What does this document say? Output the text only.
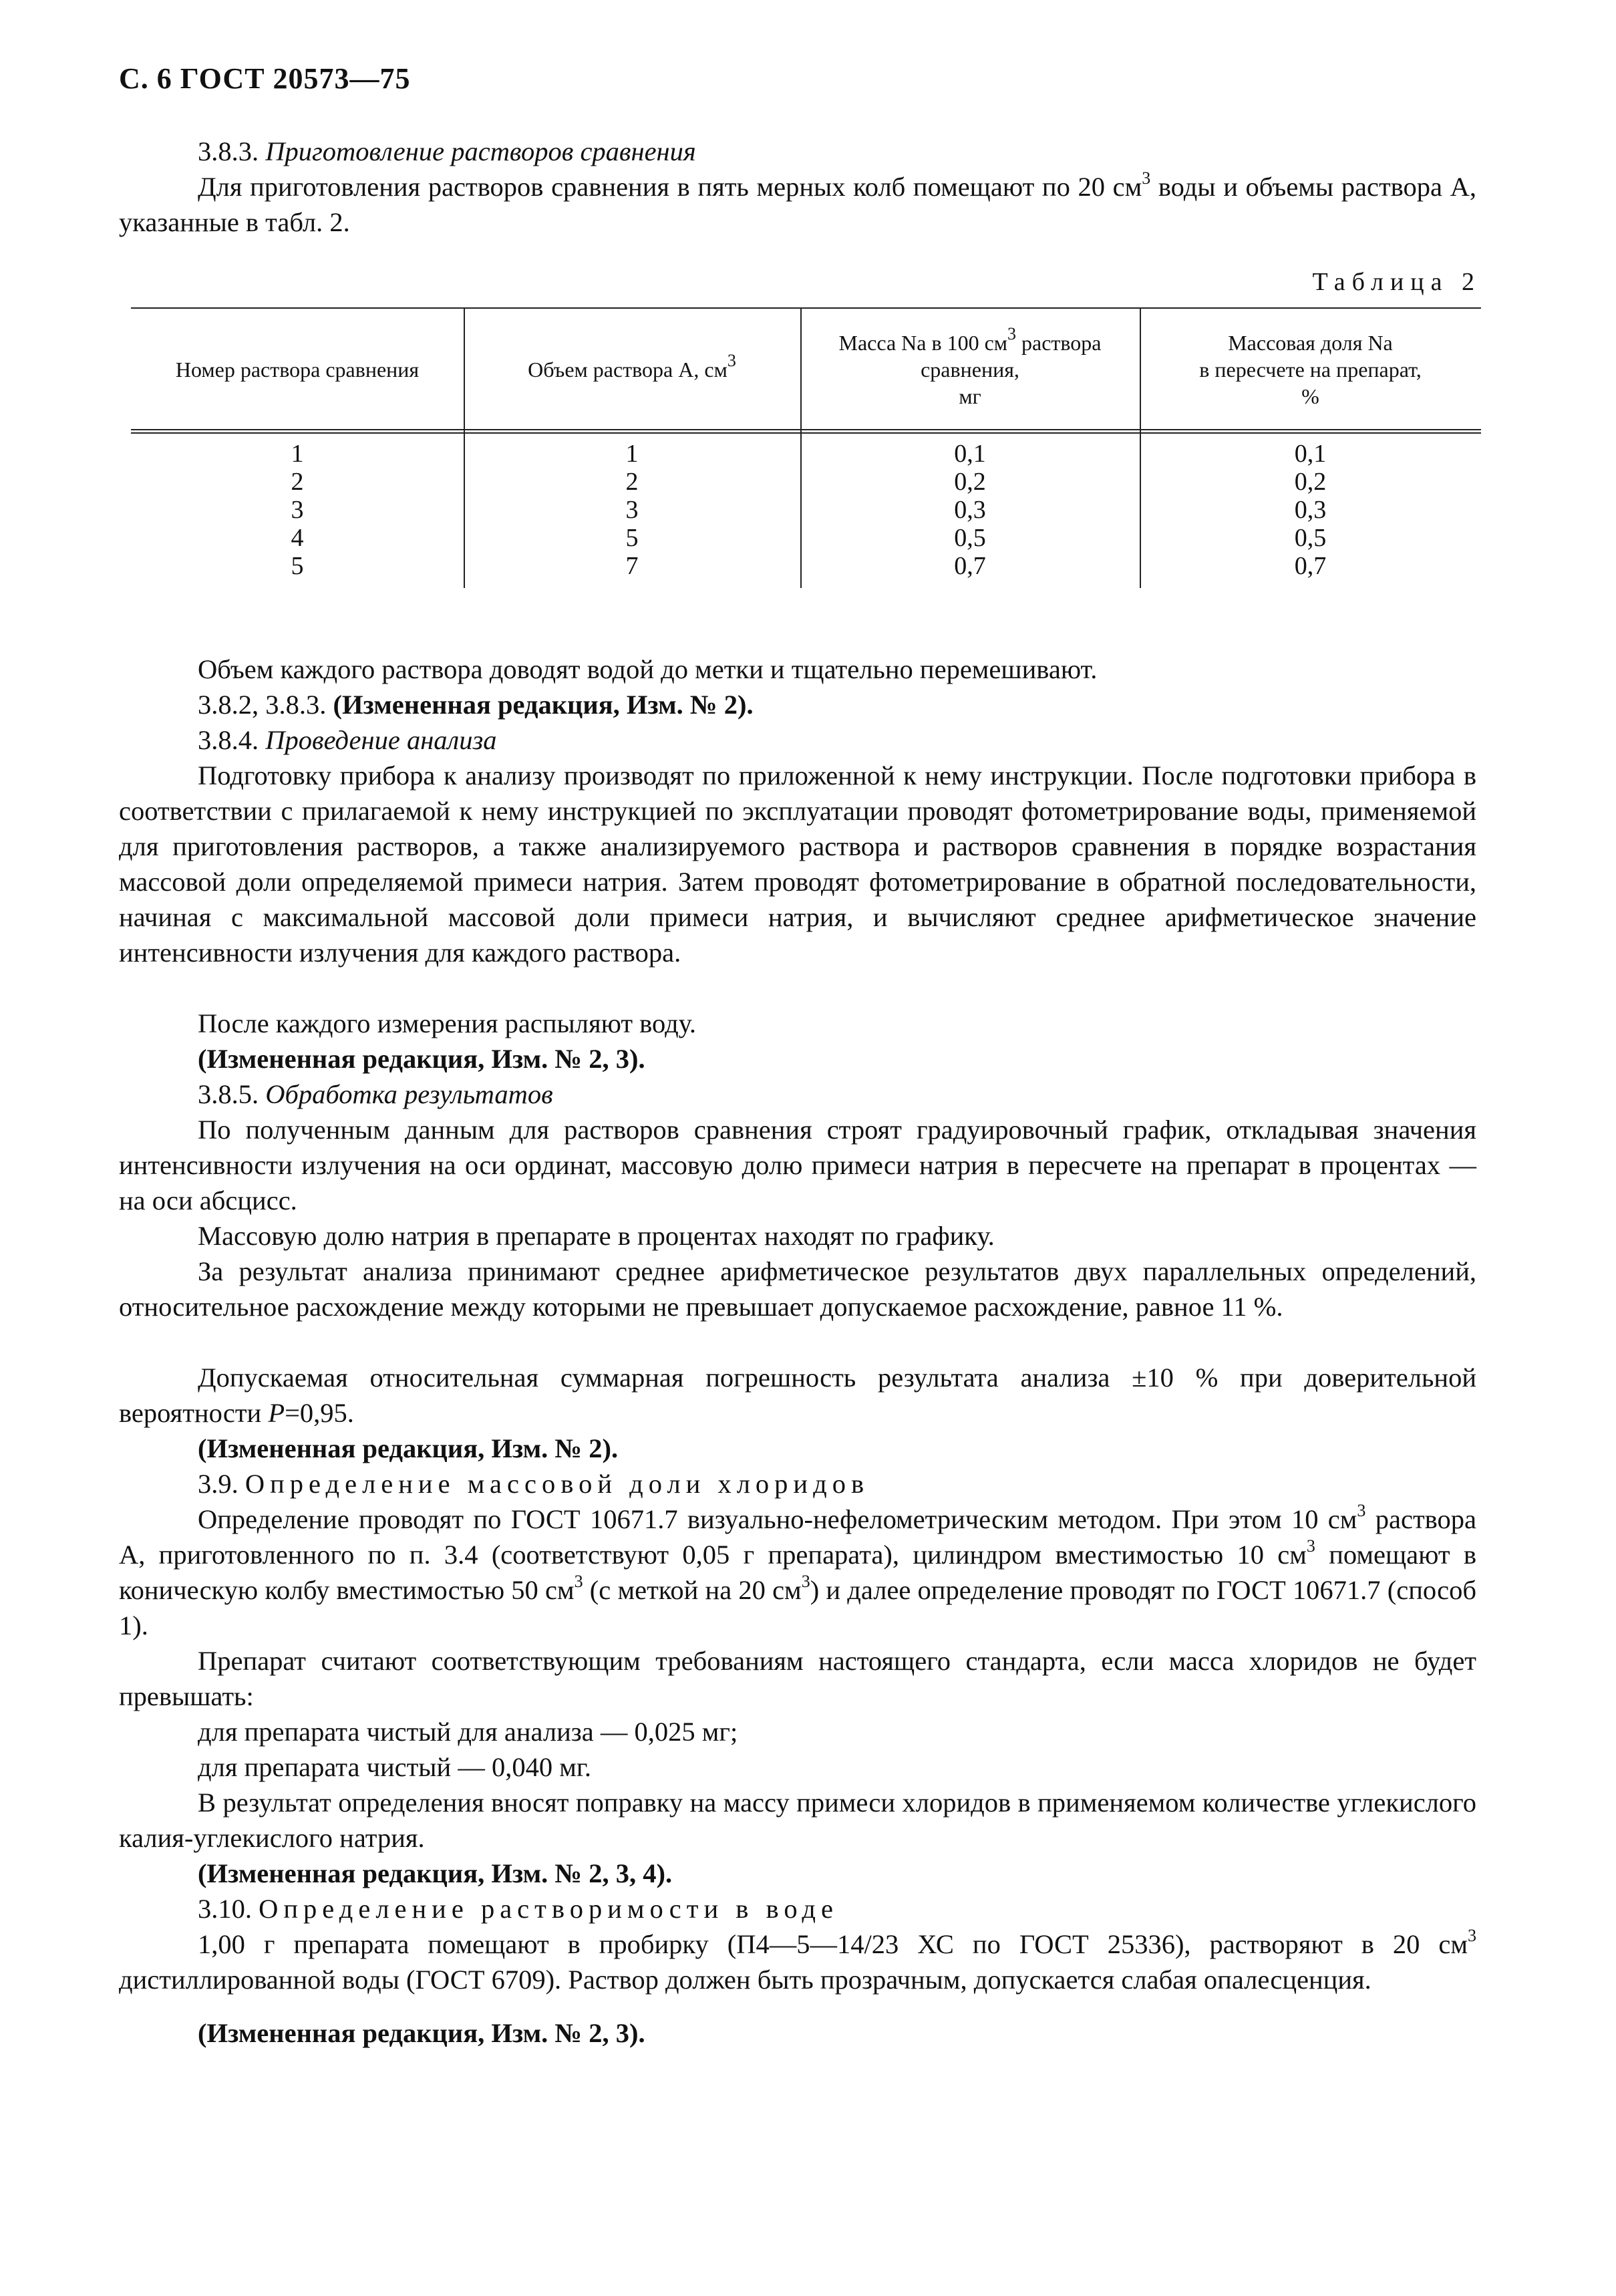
С. 6 ГОСТ 20573—75

3.8.3. Приготовление растворов сравнения

Для приготовления растворов сравнения в пять мерных колб помещают по 20 $см^3$ воды и объемы раствора А, указанные в табл. 2.

Таблица 2
Номер раствора сравнения	Объем раствора А, $см^3$
Масса Na в 100 $см^3$ раствора сравнения,
мг
Массовая доля Na
в пересчете на препарат,
%
1
2
3
4
5
1
2
3
5
7
0,1
0,2
0,3
0,5
0,7
0,1
0,2
0,3
0,5
0,7

Объем каждого раствора доводят водой до метки и тщательно перемешивают.

3.8.2, 3.8.3. (Измененная редакция, Изм. № 2).

3.8.4. Проведение анализа

Подготовку прибора к анализу производят по приложенной к нему инструкции. После подготовки прибора в соответствии с прилагаемой к нему инструкцией по эксплуатации проводят фотометрирование воды, применяемой для приготовления растворов, а также анализируемого раствора и растворов сравнения в порядке возрастания массовой доли определяемой примеси натрия. Затем проводят фотометрирование в обратной последовательности, начиная с максимальной массовой доли примеси натрия, и вычисляют среднее арифметическое значение интенсивности излучения для каждого раствора.

После каждого измерения распыляют воду.

(Измененная редакция, Изм. № 2, 3).

3.8.5. Обработка результатов

По полученным данным для растворов сравнения строят градуировочный график, откладывая значения интенсивности излучения на оси ординат, массовую долю примеси натрия в пересчете на препарат в процентах — на оси абсцисс.

Массовую долю натрия в препарате в процентах находят по графику.

За результат анализа принимают среднее арифметическое результатов двух параллельных определений, относительное расхождение между которыми не превышает допускаемое расхождение, равное 11 %.

Допускаемая относительная суммарная погрешность результата анализа ±10 % при доверительной вероятности Р=0,95.

(Измененная редакция, Изм. № 2).

3.9. Определение массовой доли хлоридов

Определение проводят по ГОСТ 10671.7 визуально-нефелометрическим методом. При этом 10 $см^3$ раствора А, приготовленного по п. 3.4 (соответствуют 0,05 г препарата), цилиндром вместимостью 10 $см^3$ помещают в коническую колбу вместимостью 50 $см^3$ (с меткой на 20 $см^3$) и далее определение проводят по ГОСТ 10671.7 (способ 1).

Препарат считают соответствующим требованиям настоящего стандарта, если масса хлоридов не будет превышать:

для препарата чистый для анализа — 0,025 мг;

для препарата чистый — 0,040 мг.

В результат определения вносят поправку на массу примеси хлоридов в применяемом количестве углекислого калия-углекислого натрия.

(Измененная редакция, Изм. № 2, 3, 4).

3.10. Определение растворимости в воде

1,00 г препарата помещают в пробирку (П4—5—14/23 ХС по ГОСТ 25336), растворяют в 20 $см^3$ дистиллированной воды (ГОСТ 6709). Раствор должен быть прозрачным, допускается слабая опалесценция.

(Измененная редакция, Изм. № 2, 3).
